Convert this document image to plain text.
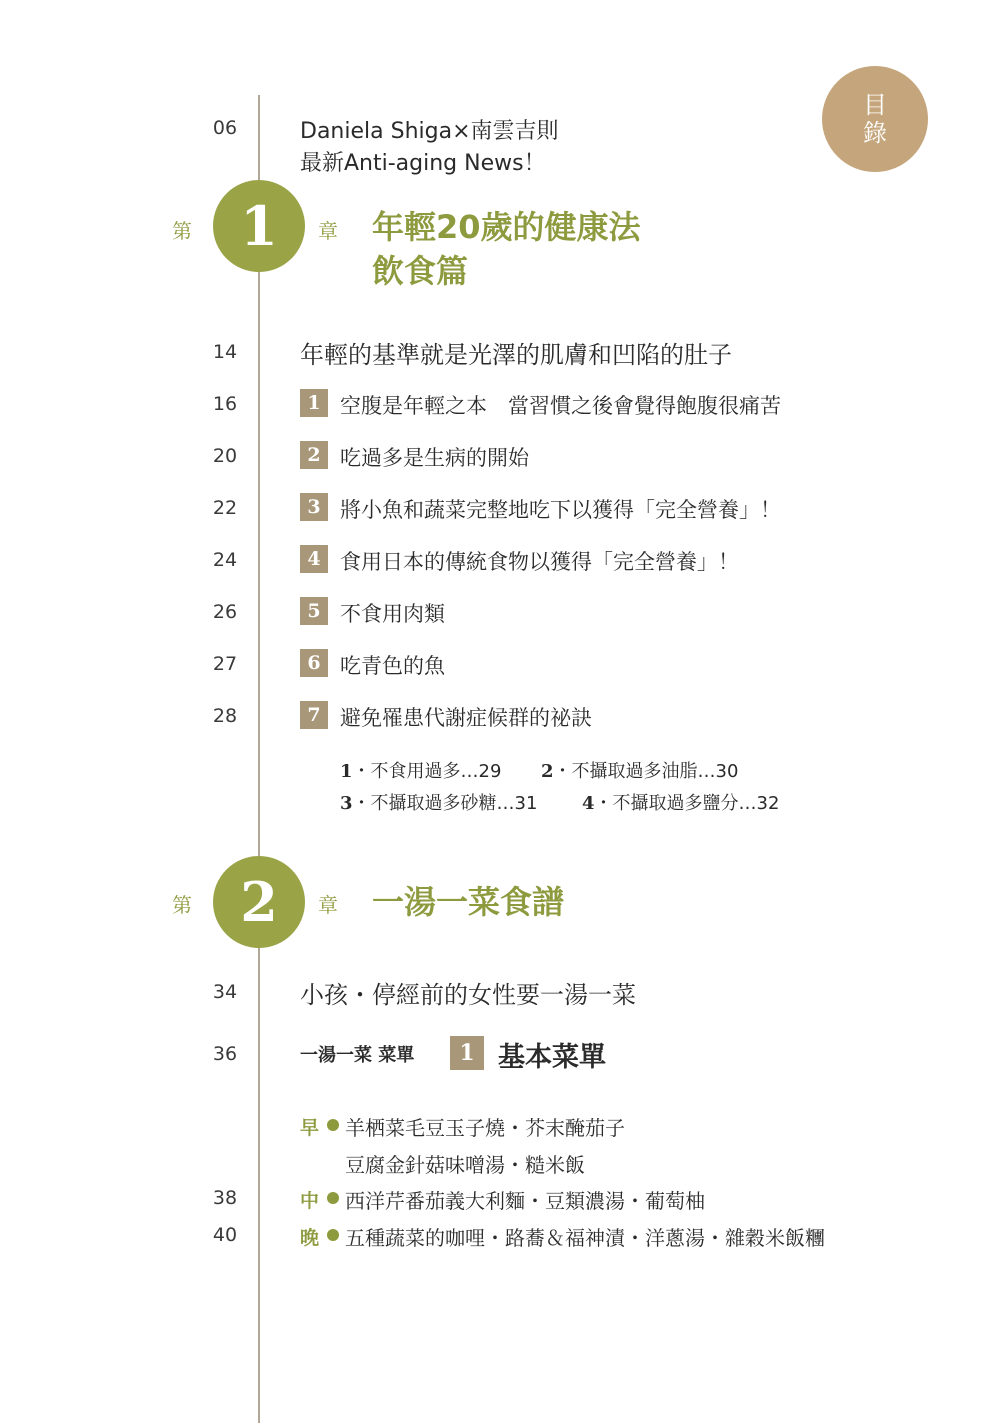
目
錄
06	Daniela Shiga×南雲吉則
最新Anti-aging News！
第 1	章 年輕20歲的健康法
飲食篇
14	年輕的基準就是光澤的肌膚和凹陷的肚子
16	1 空腹是年輕之本　當習慣之後會覺得飽腹很痛苦
20	2 吃過多是生病的開始
22	3 將小魚和蔬菜完整地吃下以獲得「完全營養」！
24	4 食用日本的傳統食物以獲得「完全營養」！
26	5 不食用肉類
27	6 吃青色的魚
28	7 避免罹患代謝症候群的祕訣
1・不食用過多…29 2・不攝取過多油脂…30
3・不攝取過多砂糖…31 4・不攝取過多鹽分…32
第 2	章 一湯一菜食譜
34	小孩・停經前的女性要一湯一菜
36	一湯一菜 菜單	1 基本菜單
早 羊栖菜毛豆玉子燒・芥末醃茄子
豆腐金針菇味噌湯・糙米飯
38	中 西洋芹番茄義大利麵・豆類濃湯・葡萄柚
40	晚 五種蔬菜的咖哩・路蕎＆福神漬・洋蔥湯・雜穀米飯糰
